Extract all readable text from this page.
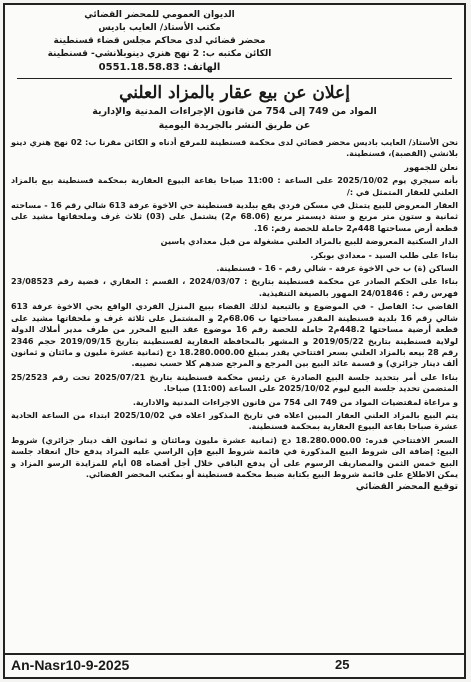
الديوان العمومي للمحضر القضائي
مكتب الأستاذ/ العايب باديس
محضر قضائي لدى محاكم مجلس قضاء قسنطينة
الكائن مكتبه ب: 2 نهج هنري دينوبلانشي- قسنطينة
الهاتف: 0551.18.58.83
إعلان عن بيع عقار بالمزاد العلني
المواد من 749 إلى 754 من قانون الإجراءات المدنية والإدارية
عن طريق النشر بالجريدة اليومية

نحن الأستاذ/ العايب باديس محضر قضائي لدى محكمة قسنطينة للمرقع أدناه و الكائن مقرنا ب: 02 نهج هنري دينو بلانشي (القصبة)، قسنطينة.

نعلن للجمهور

بأنه سيجري يوم 2025/10/02 على الساعة : 11:00 صباحا بقاعة البيوع العقارية بمحكمة قسنطينة بيع بالمزاد العلني للعقار المتمثل في :/

العقار المعروض للبيع يتمثل في مسكن فردي يقع ببلدية قسنطينة حي الاخوة عرفة 613 شالي رقم 16 - مساحته ثمانية و ستون متر مربع و ستة ديسمتر مربع (68.06 م2) يشتمل على (03) ثلاث غرف وملحقاتها مشيد على قطعة أرض مساحتها 448م2 حاملة للحصة رقم: 16.

الدار السكنية المعروضة للبيع بالمزاد العلني مشغولة من قبل معدادي ياسين

بناءا على طلب السيد - معدادي بوبكر.

الساكن (ة) ب حي الاخوة عرفة - شالي رقم - 16 - قسنطينة.

بناءا على الحكم الصادر عن محكمة قسنطينة بتاريخ : 2024/03/07 ، القسم : العقاري ، قضية رقم 23/08523 فهرس رقم : 24/01846 المهور بالصيغة التنفيذية.

القاضي ب: الفاصل - في الموضوع و بالتبعية لذلك القضاء ببيع المنزل الفردي الواقع بحي الاخوة عرفة 613 شالي رقم 16 بلدية قسنطينة المقدر مساحتها ب 68.06م2 و المشتمل على ثلاثة غرف و ملحقاتها مشيد على قطعة أرضية مساحتها 448.2م2 حاملة للحصة رقم 16 موضوع عقد البيع المحرر من طرف مدير أملاك الدولة لولاية قسنطينة بتاريخ 2019/05/22 و المشهر بالمحافظة العقارية لقسنطينة بتاريخ 2019/09/15 حجم 2346 رقم 28 بيعه بالمزاد العلني بسعر افتتاحي يقدر بمبلغ 18.280.000.00 دج (ثمانية عشرة مليون و مائتان و ثمانون ألف دينار جزائري) و قسمة عائد البيع بين المرجع و المرجع ضدهم كلا حسب نصيبه.

بناءا على أمر بتحديد جلسة البيع الصادرة عن رئيس محكمة قسنطينة بتاريخ 2025/07/21 تحت رقم 25/2523 المتضمن تحديد جلسة البيع ليوم 2025/10/02 على الساعة (11:00) صباحا.

و مراعاة لمقتضيات المواد من 749 الى 754 من قانون الاجراءات المدنية والادارية.

يتم البيع بالمزاد العلني العقار المبين اعلاه في تاريخ المذكور اعلاه في 2025/10/02 ابتداء من الساعة الحادية عشرة صباحا بقاعة البيوع العقارية بمحكمة قسنطينة.

السعر الافتتاحي قدره: 18.280.000.00 دج (ثمانية عشرة مليون ومائتان و ثمانون الف دينار جزائري) شروط البيع: إضافة الى شروط البيع المذكورة في قائمة شروط البيع فإن الراسي عليه المزاد يدفع حال انعقاد جلسة البيع خمس الثمن والمصاريف الرسوم على أن يدفع الباقي خلال أجل أقصاه 08 أيام للمزايدة الرسو المزاد و يمكن الاطلاع على قائمة شروط البيع بكتابة ضبط محكمة قسنطينة أو بمكتب المحضر القضائي.

توقيع المحضر القضائي
An-Nasr10-9-2025	25
